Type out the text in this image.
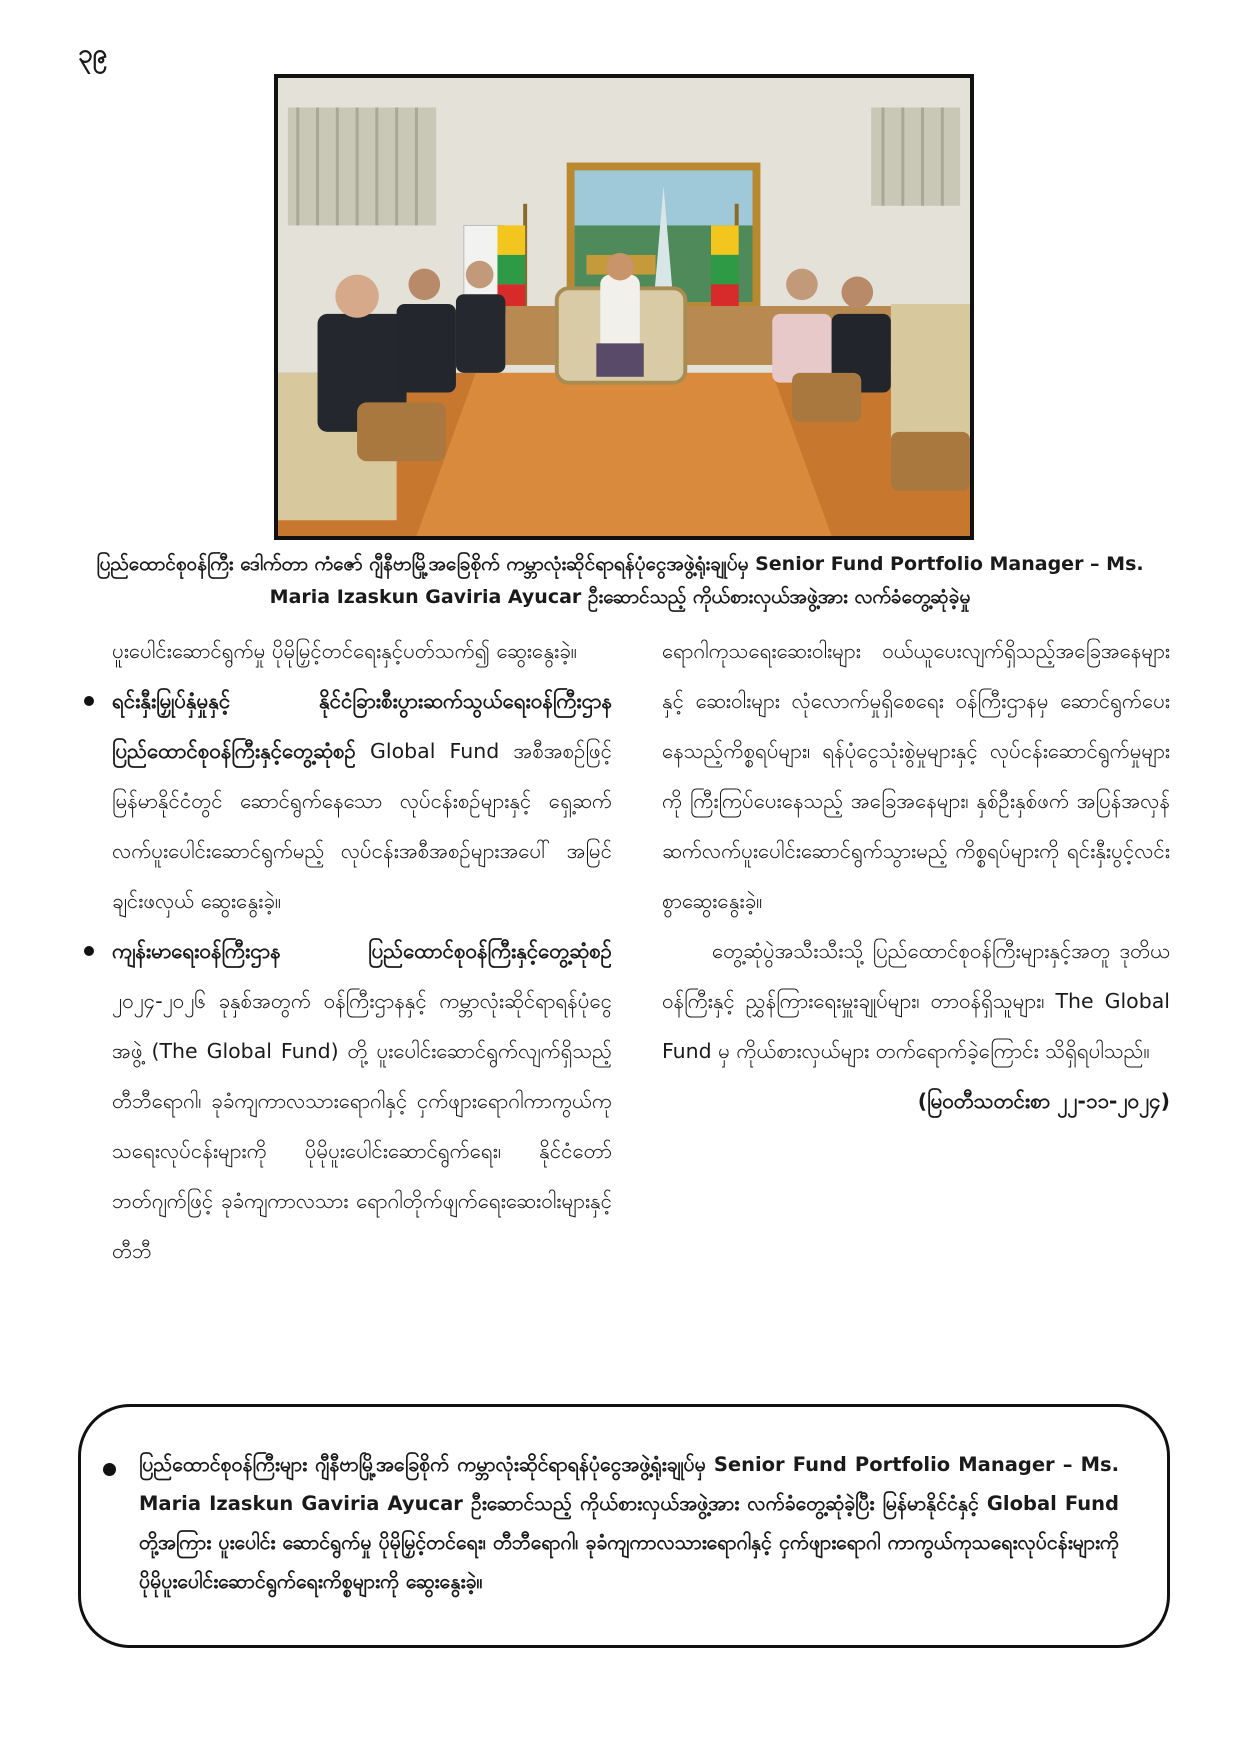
၃၉
ပြည်ထောင်စုဝန်ကြီး ဒေါက်တာ ကံဇော် ဂျီနီဗာမြို့အခြေစိုက် ကမ္ဘာလုံးဆိုင်ရာရန်ပုံငွေအဖွဲ့ရုံးချုပ်မှ Senior Fund Portfolio Manager – Ms. Maria Izaskun Gaviria Ayucar ဦးဆောင်သည့် ကိုယ်စားလှယ်အဖွဲ့အား လက်ခံတွေ့ဆုံခဲ့မှု

ပူးပေါင်းဆောင်ရွက်မှု ပိုမိုမြှင့်တင်ရေးနှင့်ပတ်သက်၍ ဆွေးနွေးခဲ့။

ရင်းနှီးမြှုပ်နှံမှုနှင့် နိုင်ငံခြားစီးပွားဆက်သွယ်ရေးဝန်ကြီးဌာန ပြည်ထောင်စုဝန်ကြီးနှင့်တွေ့ဆုံစဉ် Global Fund အစီအစဉ်ဖြင့် မြန်မာနိုင်ငံတွင် ဆောင်ရွက်နေသော လုပ်ငန်းစဉ်များနှင့် ရှေ့ဆက်လက်ပူးပေါင်းဆောင်ရွက်မည့် လုပ်ငန်းအစီအစဉ်များအပေါ် အမြင်ချင်းဖလှယ် ဆွေးနွေးခဲ့။

ကျန်းမာရေးဝန်ကြီးဌာန ပြည်ထောင်စုဝန်ကြီးနှင့်တွေ့ဆုံစဉ် ၂၀၂၄-၂၀၂၆ ခုနှစ်အတွက် ဝန်ကြီးဌာနနှင့် ကမ္ဘာလုံးဆိုင်ရာရန်ပုံငွေအဖွဲ့ (The Global Fund) တို့ ပူးပေါင်းဆောင်ရွက်လျက်ရှိသည့် တီဘီရောဂါ၊ ခုခံကျကာလသားရောဂါနှင့် ငှက်ဖျားရောဂါကာကွယ်ကုသရေးလုပ်ငန်းများကို ပိုမိုပူးပေါင်းဆောင်ရွက်ရေး၊ နိုင်ငံတော်ဘတ်ဂျက်ဖြင့် ခုခံကျကာလသား ရောဂါတိုက်ဖျက်ရေးဆေးဝါးများနှင့် တီဘီ

ရောဂါကုသရေးဆေးဝါးများ ဝယ်ယူပေးလျက်ရှိသည့်အခြေအနေများနှင့် ဆေးဝါးများ လုံလောက်မှုရှိစေရေး ဝန်ကြီးဌာနမှ ဆောင်ရွက်ပေးနေသည့်ကိစ္စရပ်များ၊ ရန်ပုံငွေသုံးစွဲမှုများနှင့် လုပ်ငန်းဆောင်ရွက်မှုများကို ကြီးကြပ်ပေးနေသည့် အခြေအနေများ၊ နှစ်ဦးနှစ်ဖက် အပြန်အလှန်ဆက်လက်ပူးပေါင်းဆောင်ရွက်သွားမည့် ကိစ္စရပ်များကို ရင်းနှီးပွင့်လင်းစွာဆွေးနွေးခဲ့။

တွေ့ဆုံပွဲအသီးသီးသို့ ပြည်ထောင်စုဝန်ကြီးများနှင့်အတူ ဒုတိယဝန်ကြီးနှင့် ညွှန်ကြားရေးမှူးချုပ်များ၊ တာဝန်ရှိသူများ၊ The Global Fund မှ ကိုယ်စားလှယ်များ တက်ရောက်ခဲ့ကြောင်း သိရှိရပါသည်။

(မြဝတီသတင်းစာ ၂၂-၁၁-၂၀၂၄)

ပြည်ထောင်စုဝန်ကြီးများ ဂျီနီဗာမြို့အခြေစိုက် ကမ္ဘာလုံးဆိုင်ရာရန်ပုံငွေအဖွဲ့ရုံးချုပ်မှ Senior Fund Portfolio Manager – Ms. Maria Izaskun Gaviria Ayucar ဦးဆောင်သည့် ကိုယ်စားလှယ်အဖွဲ့အား လက်ခံတွေ့ဆုံခဲ့ပြီး မြန်မာနိုင်ငံနှင့် Global Fund တို့အကြား ပူးပေါင်း ဆောင်ရွက်မှု ပိုမိုမြှင့်တင်ရေး၊ တီဘီရောဂါ၊ ခုခံကျကာလသားရောဂါနှင့် ငှက်ဖျားရောဂါ ကာကွယ်ကုသရေးလုပ်ငန်းများကို ပိုမိုပူးပေါင်းဆောင်ရွက်ရေးကိစ္စများကို ဆွေးနွေးခဲ့။
